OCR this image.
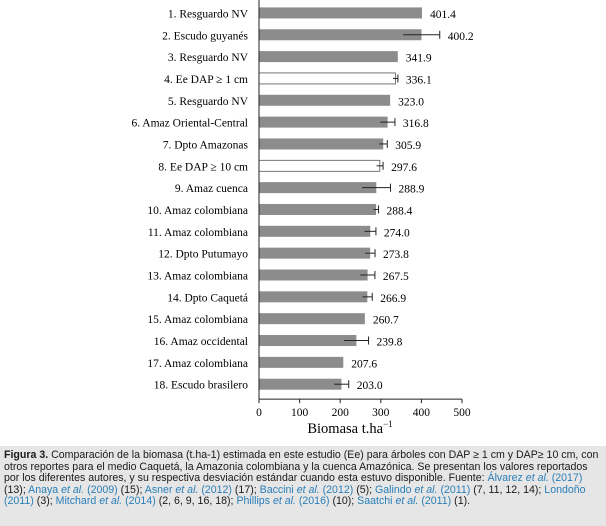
1. Resguardo NV
2. Escudo guyanés
3. Resguardo NV
4. Ee DAP ≥ 1 cm
5. Resguardo NV
6. Amaz Oriental-Central
7. Dpto Amazonas
8. Ee DAP ≥ 10 cm
9. Amaz cuenca
10. Amaz colombiana
11. Amaz colombiana
12. Dpto Putumayo
13. Amaz colombiana
14. Dpto Caquetá
15. Amaz colombiana
16. Amaz occidental
17. Amaz colombiana
18. Escudo brasilero
401.4
400.2
341.9
336.1
323.0
316.8
305.9
297.6
288.9
288.4
274.0
273.8
267.5
266.9
260.7
239.8
207.6
203.0
0	100 200 300 400 500
Biomasa $t.ha^{-1}$
Figura 3. Comparación de la biomasa (t.ha-1) estimada en este estudio (Ee) para árboles con DAP ≥ 1 cm y DAP≥ 10 cm, con otros reportes para el medio Caquetá, la Amazonia colombiana y la cuenca Amazónica. Se presentan los valores reportados por los diferentes autores, y su respectiva desviación estándar cuando esta estuvo disponible. Fuente: Álvarez et al. (2017) (13); Anaya et al. (2009) (15); Asner et al. (2012) (17); Baccini et al. (2012) (5); Galindo et al. (2011) (7, 11, 12, 14); Londoño (2011) (3); Mitchard et al. (2014) (2, 6, 9, 16, 18); Phillips et al. (2016) (10); Saatchi et al. (2011) (1).
